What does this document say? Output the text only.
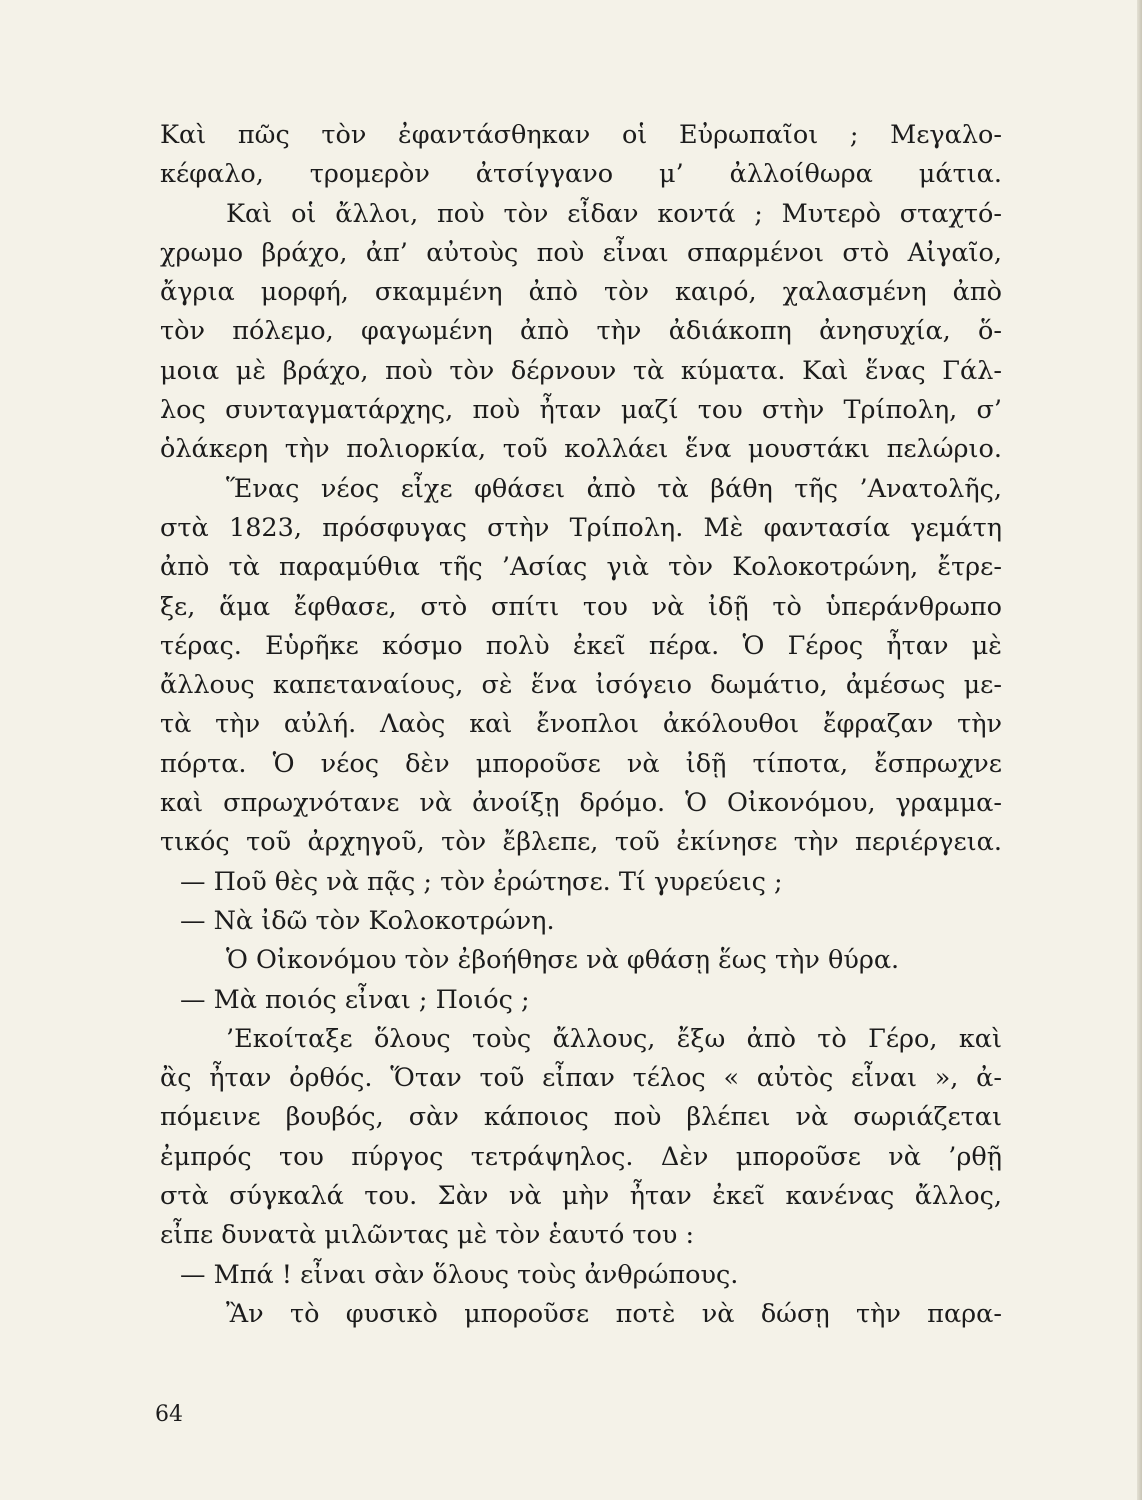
Καὶ πῶς τὸν ἐφαντάσθηκαν οἱ Εὐρωπαῖοι ; Μεγαλο-
κέφαλο, τρομερὸν ἀτσίγγανο μ’ ἀλλοίθωρα μάτια.
Καὶ οἱ ἄλλοι, ποὺ τὸν εἶδαν κοντά ; Μυτερὸ σταχτό-
χρωμο βράχο, ἀπ’ αὐτοὺς ποὺ εἶναι σπαρμένοι στὸ Αἰγαῖο,
ἄγρια μορφή, σκαμμένη ἀπὸ τὸν καιρό, χαλασμένη ἀπὸ
τὸν πόλεμο, φαγωμένη ἀπὸ τὴν ἀδιάκοπη ἀνησυχία, ὅ-
μοια μὲ βράχο, ποὺ τὸν δέρνουν τὰ κύματα. Καὶ ἕνας Γάλ-
λος συνταγματάρχης, ποὺ ἦταν μαζί του στὴν Τρίπολη, σ’
ὁλάκερη τὴν πολιορκία, τοῦ κολλάει ἕνα μουστάκι πελώριο.
Ἕνας νέος εἶχε φθάσει ἀπὸ τὰ βάθη τῆς ’Ανατολῆς,
στὰ 1823, πρόσφυγας στὴν Τρίπολη. Μὲ φαντασία γεμάτη
ἀπὸ τὰ παραμύθια τῆς ’Ασίας γιὰ τὸν Κολοκοτρώνη, ἔτρε-
ξε, ἅμα ἔφθασε, στὸ σπίτι του νὰ ἰδῇ τὸ ὑπεράνθρωπο
τέρας. Εὑρῆκε κόσμο πολὺ ἐκεῖ πέρα. Ὁ Γέρος ἦταν μὲ
ἄλλους καπεταναίους, σὲ ἕνα ἰσόγειο δωμάτιο, ἀμέσως με-
τὰ τὴν αὐλή. Λαὸς καὶ ἔνοπλοι ἀκόλουθοι ἔφραζαν τὴν
πόρτα. Ὁ νέος δὲν μποροῦσε νὰ ἰδῇ τίποτα, ἔσπρωχνε
καὶ σπρωχνότανε νὰ ἀνοίξῃ δρόμο. Ὁ Οἰκονόμου, γραμμα-
τικός τοῦ ἀρχηγοῦ, τὸν ἔβλεπε, τοῦ ἐκίνησε τὴν περιέργεια.
— Ποῦ θὲς νὰ πᾷς ; τὸν ἐρώτησε. Τί γυρεύεις ;
— Νὰ ἰδῶ τὸν Κολοκοτρώνη.
Ὁ Οἰκονόμου τὸν ἐβοήθησε νὰ φθάσῃ ἕως τὴν θύρα.
— Μὰ ποιός εἶναι ; Ποιός ;
’Εκοίταξε ὅλους τοὺς ἄλλους, ἔξω ἀπὸ τὸ Γέρο, καὶ
ἂς ἦταν ὀρθός. Ὅταν τοῦ εἶπαν τέλος « αὐτὸς εἶναι », ἀ-
πόμεινε βουβός, σὰν κάποιος ποὺ βλέπει νὰ σωριάζεται
ἐμπρός του πύργος τετράψηλος. Δὲν μποροῦσε νὰ ’ρθῇ
στὰ σύγκαλά του. Σὰν νὰ μὴν ἦταν ἐκεῖ κανένας ἄλλος,
εἶπε δυνατὰ μιλῶντας μὲ τὸν ἑαυτό του :
— Μπά ! εἶναι σὰν ὅλους τοὺς ἀνθρώπους.
Ἂν τὸ φυσικὸ μποροῦσε ποτὲ νὰ δώσῃ τὴν παρα-
64
